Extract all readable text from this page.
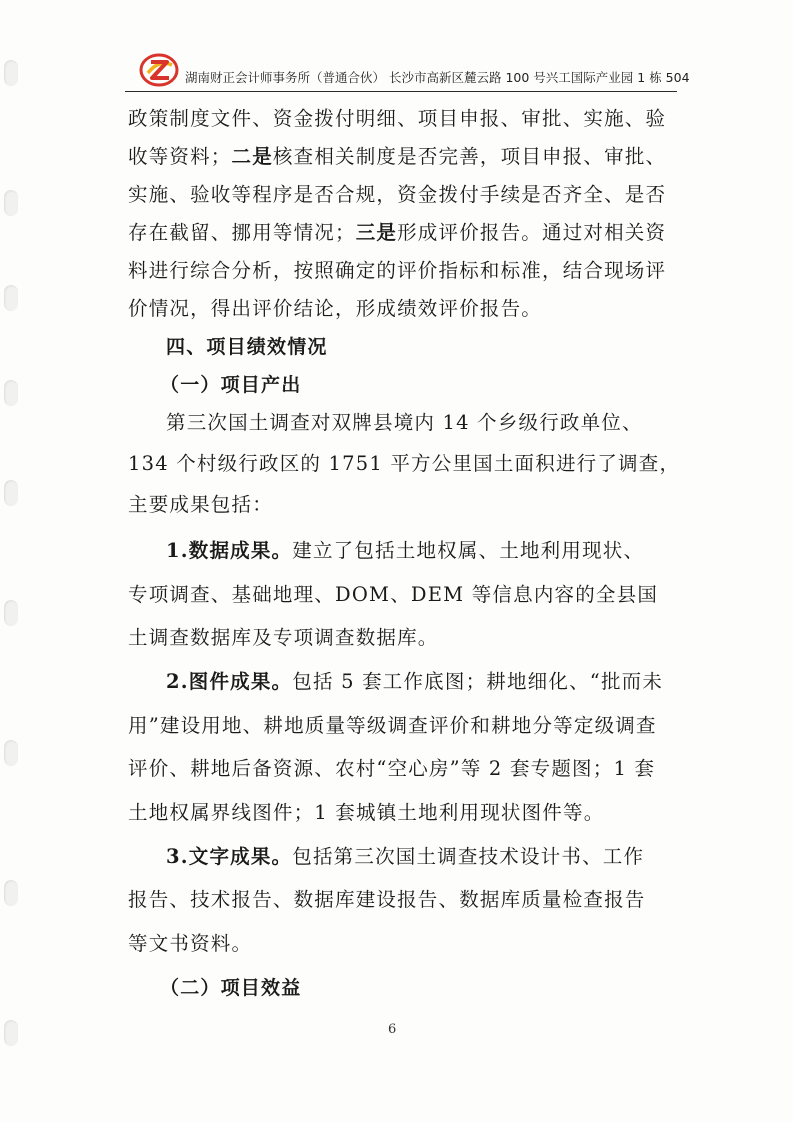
湖南财正会计师事务所（普通合伙） 长沙市高新区麓云路 100 号兴工国际产业园 1 栋 504
政策制度文件、资金拨付明细、项目申报、审批、实施、验
收等资料；二是核查相关制度是否完善，项目申报、审批、
实施、验收等程序是否合规，资金拨付手续是否齐全、是否
存在截留、挪用等情况；三是形成评价报告。通过对相关资
料进行综合分析，按照确定的评价指标和标准，结合现场评
价情况，得出评价结论，形成绩效评价报告。
四、项目绩效情况
（一）项目产出
第三次国土调查对双牌县境内 14 个乡级行政单位、
134 个村级行政区的 1751 平方公里国土面积进行了调查，
主要成果包括：
1.数据成果。建立了包括土地权属、土地利用现状、
专项调查、基础地理、DOM、DEM 等信息内容的全县国
土调查数据库及专项调查数据库。
2.图件成果。包括 5 套工作底图；耕地细化、“批而未
用”建设用地、耕地质量等级调查评价和耕地分等定级调查
评价、耕地后备资源、农村“空心房”等 2 套专题图；1 套
土地权属界线图件；1 套城镇土地利用现状图件等。
3.文字成果。包括第三次国土调查技术设计书、工作
报告、技术报告、数据库建设报告、数据库质量检查报告
等文书资料。
（二）项目效益
6
